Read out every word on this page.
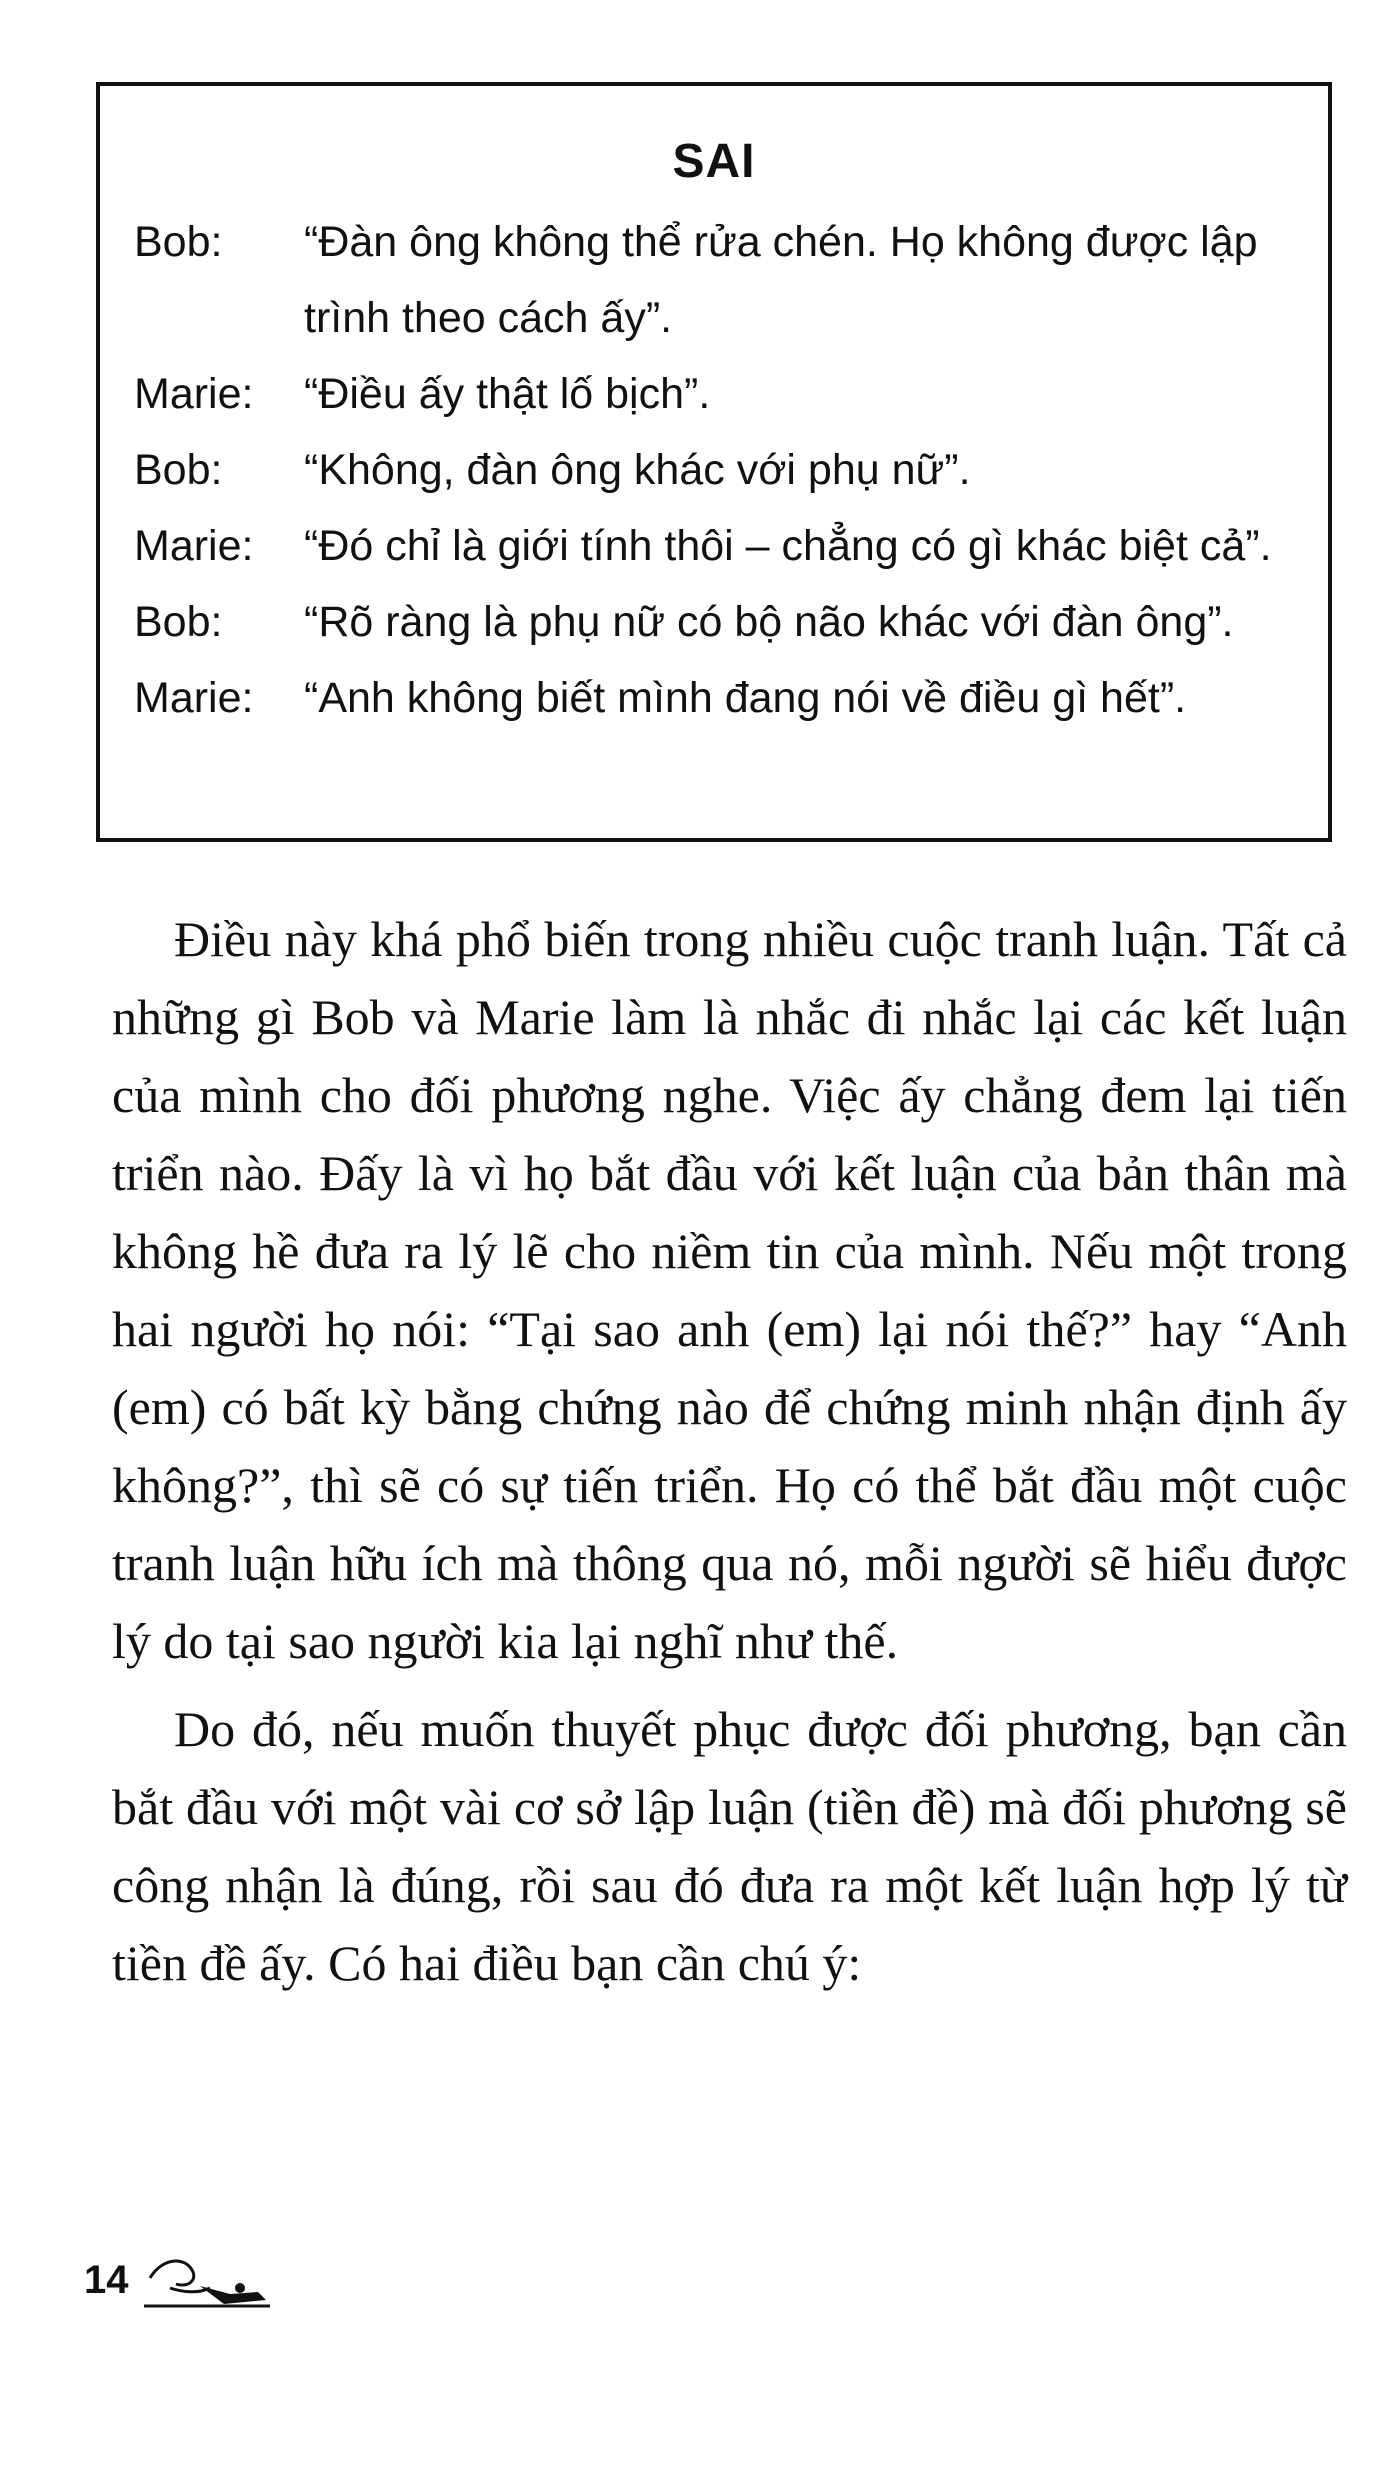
SAI
Bob:	“Đàn ông không thể rửa chén. Họ không được lập trình theo cách ấy”.
Marie:	“Điều ấy thật lố bịch”.
Bob:	“Không, đàn ông khác với phụ nữ”.
Marie:	“Đó chỉ là giới tính thôi – chẳng có gì khác biệt cả”.
Bob:	“Rõ ràng là phụ nữ có bộ não khác với đàn ông”.
Marie:	“Anh không biết mình đang nói về điều gì hết”.

Điều này khá phổ biến trong nhiều cuộc tranh luận. Tất cả những gì Bob và Marie làm là nhắc đi nhắc lại các kết luận của mình cho đối phương nghe. Việc ấy chẳng đem lại tiến triển nào. Đấy là vì họ bắt đầu với kết luận của bản thân mà không hề đưa ra lý lẽ cho niềm tin của mình. Nếu một trong hai người họ nói: “Tại sao anh (em) lại nói thế?” hay “Anh (em) có bất kỳ bằng chứng nào để chứng minh nhận định ấy không?”, thì sẽ có sự tiến triển. Họ có thể bắt đầu một cuộc tranh luận hữu ích mà thông qua nó, mỗi người sẽ hiểu được lý do tại sao người kia lại nghĩ như thế.

Do đó, nếu muốn thuyết phục được đối phương, bạn cần bắt đầu với một vài cơ sở lập luận (tiền đề) mà đối phương sẽ công nhận là đúng, rồi sau đó đưa ra một kết luận hợp lý từ tiền đề ấy. Có hai điều bạn cần chú ý:

14
